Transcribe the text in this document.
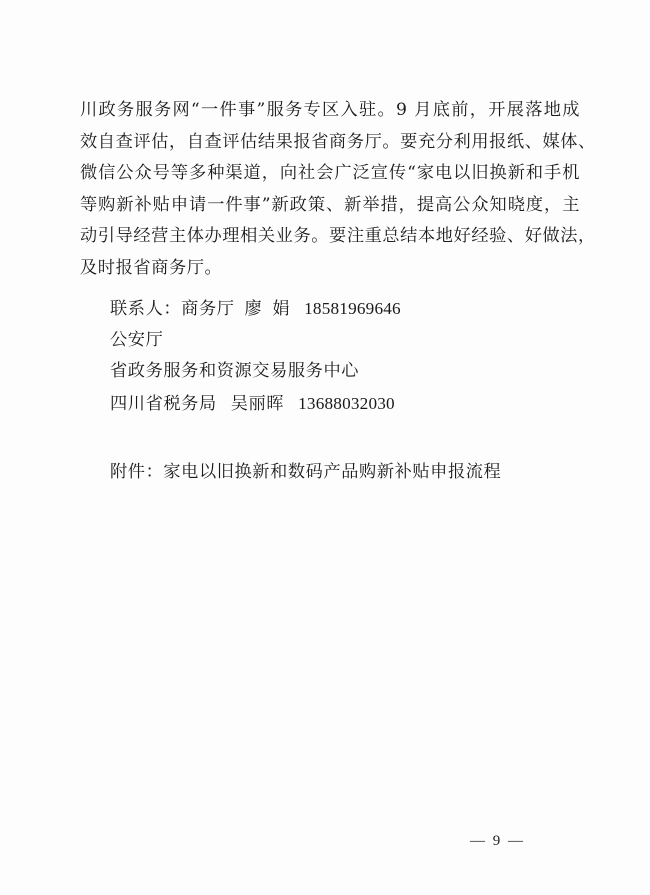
川政务服务网“一件事”服务专区入驻。9 月底前，开展落地成
效自查评估，自查评估结果报省商务厅。要充分利用报纸、媒体、
微信公众号等多种渠道，向社会广泛宣传“家电以旧换新和手机
等购新补贴申请一件事”新政策、新举措，提高公众知晓度，主
动引导经营主体办理相关业务。要注重总结本地好经验、好做法，
及时报省商务厅。
联系人：商务厅 廖 娟 18581969646
公安厅
省政务服务和资源交易服务中心
四川省税务局 吴丽晖 13688032030
附件：家电以旧换新和数码产品购新补贴申报流程
— 9 —
